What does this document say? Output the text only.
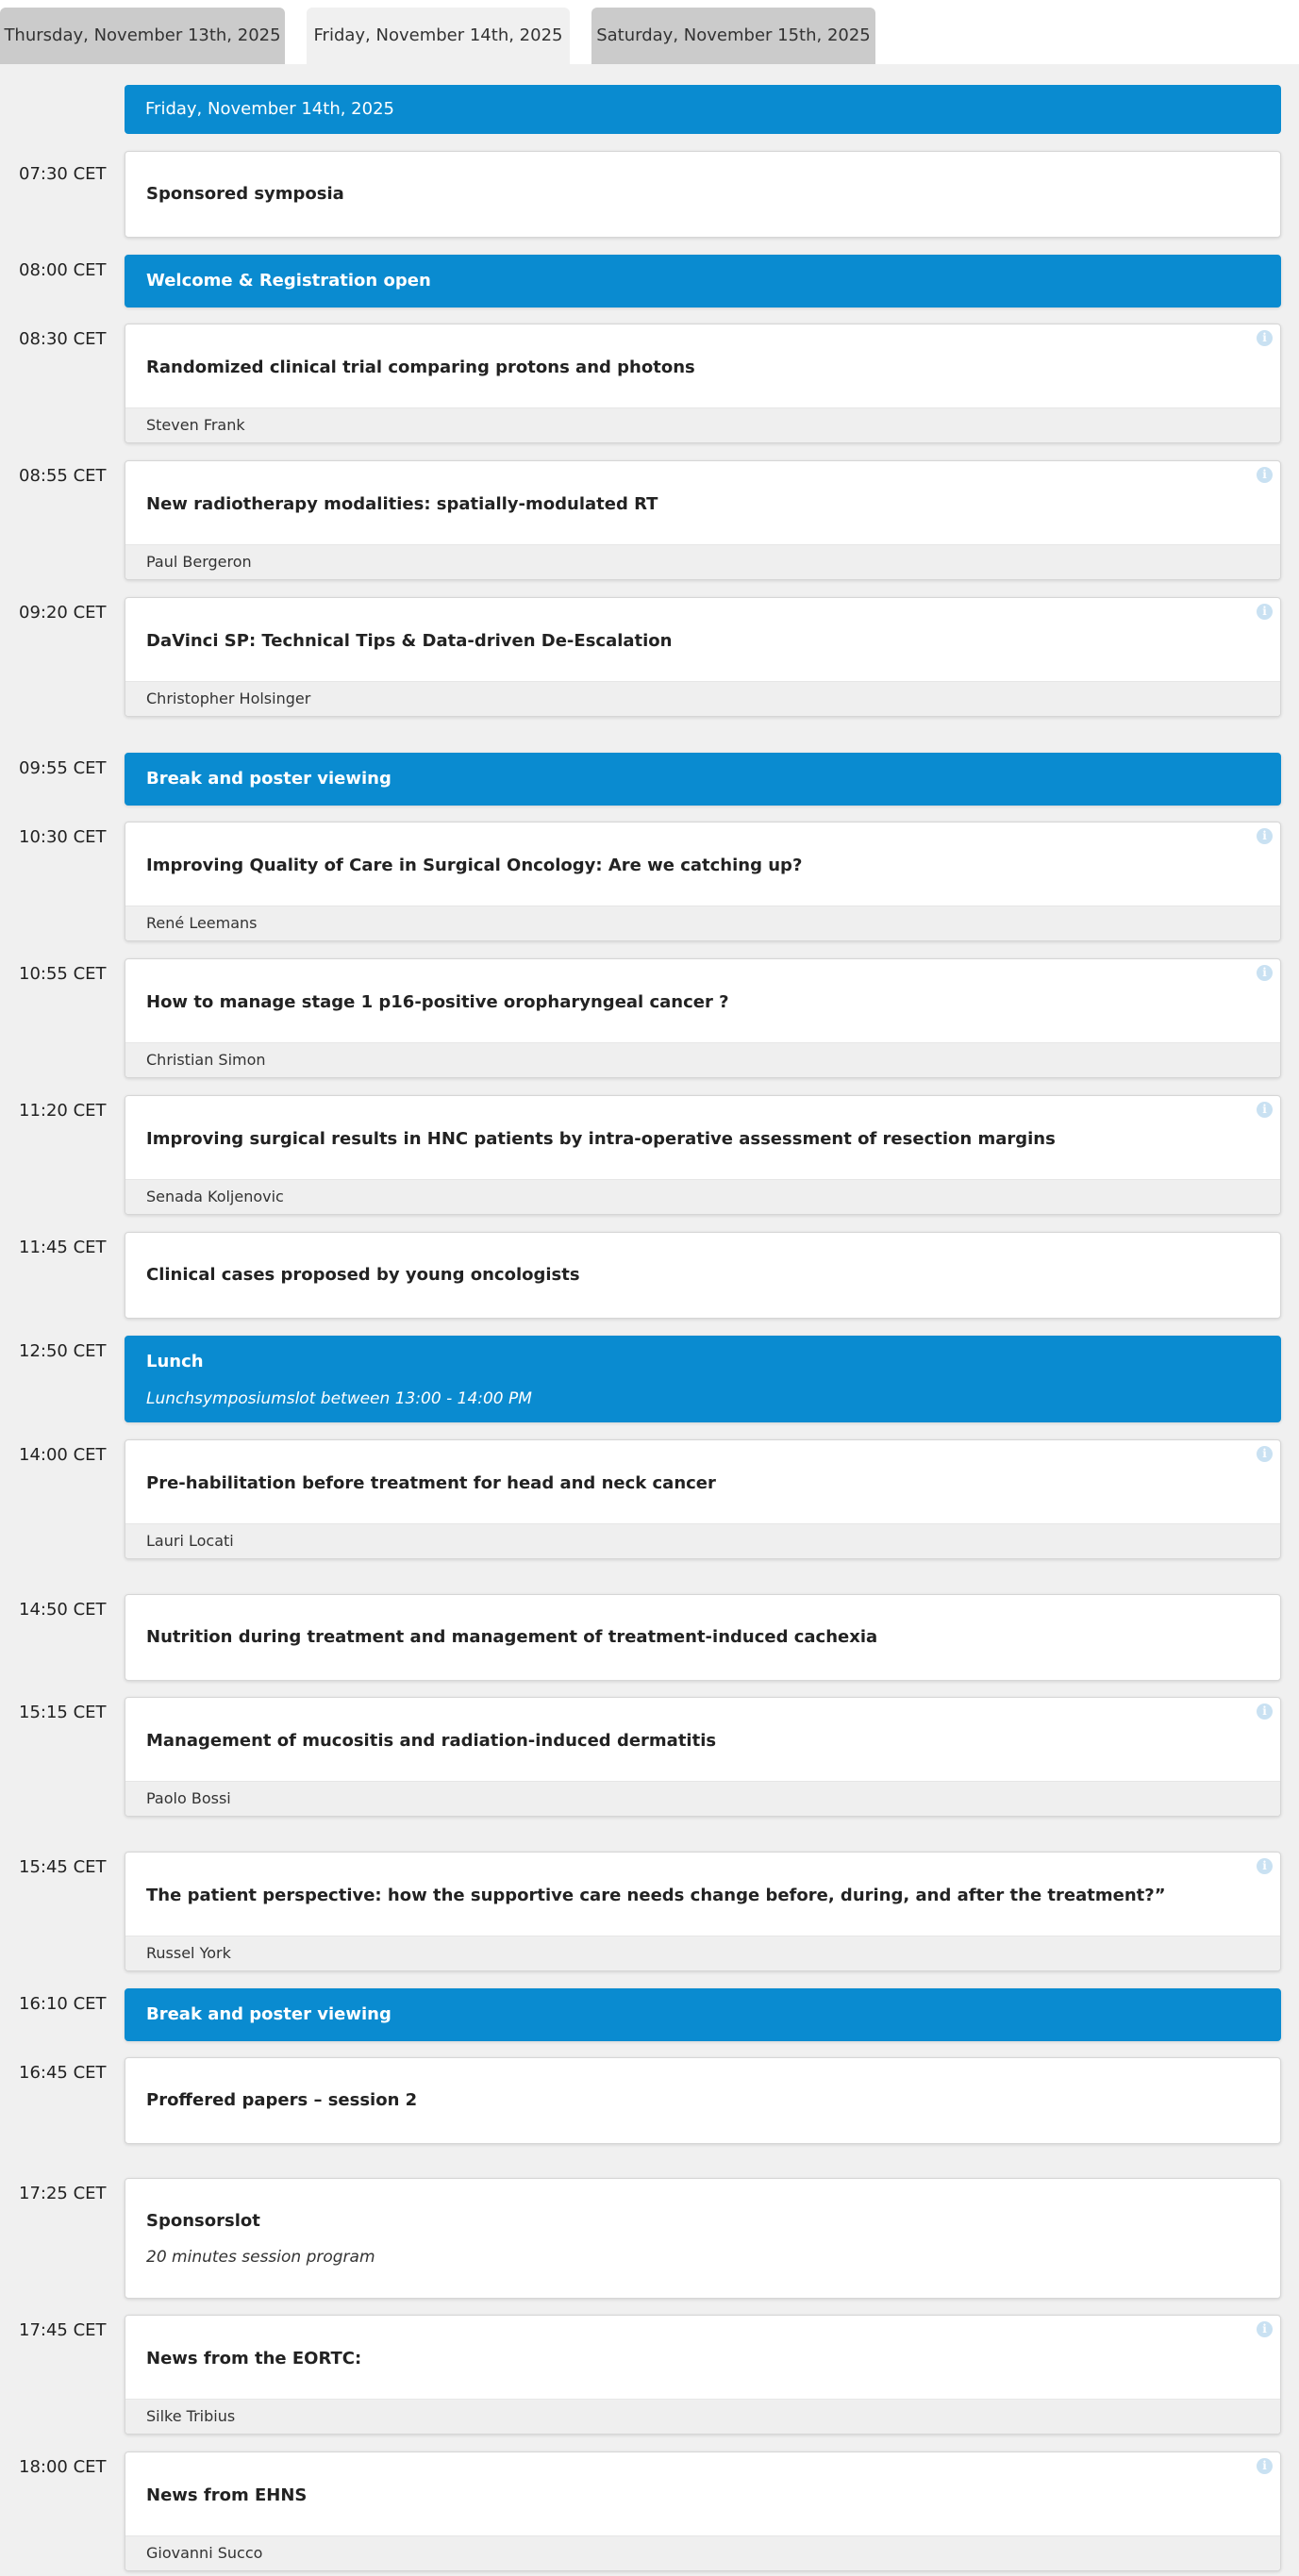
Thursday, November 13th, 2025	Friday, November 14th, 2025	Saturday, November 15th, 2025
Friday, November 14th, 2025
07:30 CET
Sponsored symposia
08:00 CET
Welcome & Registration open
08:30 CET
Randomized clinical trial comparing protons and photons
i
Steven Frank
08:55 CET
New radiotherapy modalities: spatially-modulated RT
i
Paul Bergeron
09:20 CET
DaVinci SP: Technical Tips & Data-driven De-Escalation
i
Christopher Holsinger
09:55 CET
Break and poster viewing
10:30 CET
Improving Quality of Care in Surgical Oncology: Are we catching up?
i
René Leemans
10:55 CET
How to manage stage 1 p16-positive oropharyngeal cancer ?
i
Christian Simon
11:20 CET
Improving surgical results in HNC patients by intra-operative assessment of resection margins
i
Senada Koljenovic
11:45 CET
Clinical cases proposed by young oncologists
12:50 CET
Lunch
Lunchsymposiumslot between 13:00 - 14:00 PM
14:00 CET
Pre-habilitation before treatment for head and neck cancer
i
Lauri Locati
14:50 CET
Nutrition during treatment and management of treatment-induced cachexia
15:15 CET
Management of mucositis and radiation-induced dermatitis
i
Paolo Bossi
15:45 CET
The patient perspective: how the supportive care needs change before, during, and after the treatment?”
i
Russel York
16:10 CET
Break and poster viewing
16:45 CET
Proffered papers – session 2
17:25 CET
Sponsorslot
20 minutes session program
17:45 CET
News from the EORTC:
i
Silke Tribius
18:00 CET
News from EHNS
i
Giovanni Succo
